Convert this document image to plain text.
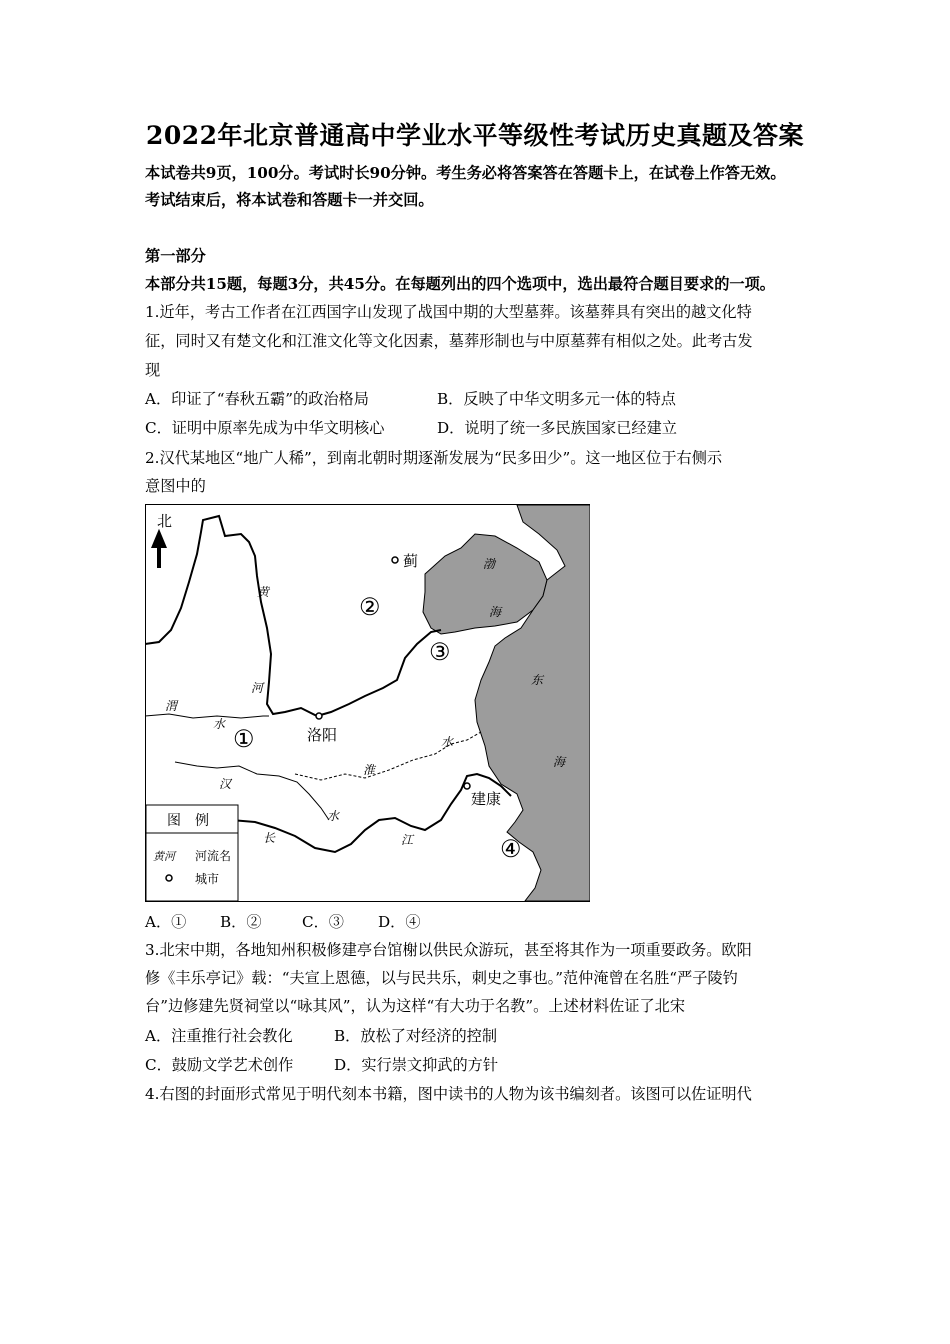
2022年北京普通高中学业水平等级性考试历史真题及答案
本试卷共9页，100分。考试时长90分钟。考生务必将答案答在答题卡上，在试卷上作答无效。
考试结束后，将本试卷和答题卡一并交回。
第一部分
本部分共15题，每题3分，共45分。在每题列出的四个选项中，选出最符合题目要求的一项。
1.近年，考古工作者在江西国字山发现了战国中期的大型墓葬。该墓葬具有突出的越文化特
征，同时又有楚文化和江淮文化等文化因素，墓葬形制也与中原墓葬有相似之处。此考古发
现
A．印证了“春秋五霸”的政治格局	B．反映了中华文明多元一体的特点
C．证明中原率先成为中华文明核心	D．说明了统一多民族国家已经建立
2.汉代某地区“地广人稀”，到南北朝时期逐渐发展为“民多田少”。这一地区位于右侧示
意图中的
北
蓟
洛阳
建康
①
②
③
④
黄
河
渭
水
淮
水
汉
水
长	江
渤
海
东
海
图　例
黄河 河流名
城市
A．① B．②	C．③ D．④
3.北宋中期，各地知州积极修建亭台馆榭以供民众游玩，甚至将其作为一项重要政务。欧阳
修《丰乐亭记》载：“夫宣上恩德，以与民共乐，刺史之事也。”范仲淹曾在名胜“严子陵钓
台”边修建先贤祠堂以“咏其风”，认为这样“有大功于名教”。上述材料佐证了北宋
A．注重推行社会教化	B．放松了对经济的控制
C．鼓励文学艺术创作	D．实行崇文抑武的方针
4.右图的封面形式常见于明代刻本书籍，图中读书的人物为该书编刻者。该图可以佐证明代
